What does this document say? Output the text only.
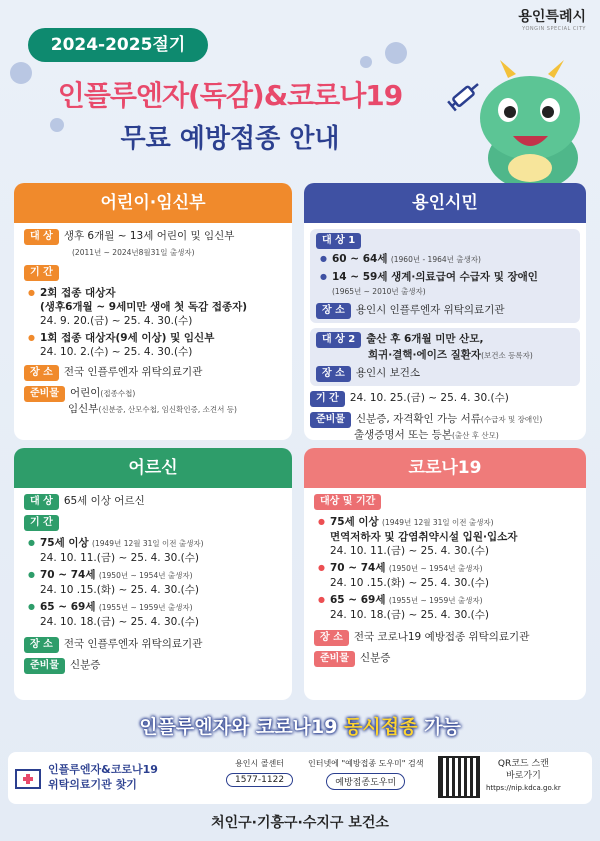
2024-2025절기
용인특례시
YONGIN SPECIAL CITY
인플루엔자(독감)&코로나19
무료 예방접종 안내
어린이·임신부
대 상 생후 6개월 ~ 13세 어린이 및 임신부
(2011년 ~ 2024년8월31일 출생자)
기 간
● 2회 접종 대상자
(생후6개월 ~ 9세미만 생애 첫 독감 접종자)
24. 9. 20.(금) ~ 25. 4. 30.(수)
● 1회 접종 대상자(9세 이상) 및 임신부
24. 10. 2.(수) ~ 25. 4. 30.(수)
장 소 전국 인플루엔자 위탁의료기관
준비물 어린이(접종수첩)
임신부(신분증, 산모수첩, 임신확인증, 소견서 등)
용인시민
대 상 1
● 60 ~ 64세 (1960년 - 1964년 출생자)
● 14 ~ 59세 생계·의료급여 수급자 및 장애인
(1965년 ~ 2010년 출생자)
장 소 용인시 인플루엔자 위탁의료기관
대 상 2 출산 후 6개월 미만 산모,
희귀·결핵·에이즈 질환자(보건소 등록자)
장 소 용인시 보건소
기 간 24. 10. 25.(금) ~ 25. 4. 30.(수)
준비물 신분증, 자격확인 가능 서류(수급자 및 장애인)
출생증명서 또는 등본(출산 후 산모)
어르신
대 상 65세 이상 어르신
기 간
● 75세 이상 (1949년 12월 31일 이전 출생자)
24. 10. 11.(금) ~ 25. 4. 30.(수)
● 70 ~ 74세 (1950년 ~ 1954년 출생자)
24. 10 .15.(화) ~ 25. 4. 30.(수)
● 65 ~ 69세 (1955년 ~ 1959년 출생자)
24. 10. 18.(금) ~ 25. 4. 30.(수)
장 소 전국 인플루엔자 위탁의료기관
준비물 신분증
코로나19
대상 및 기간
● 75세 이상 (1949년 12월 31일 이전 출생자)
면역저하자 및 감염취약시설 입원·입소자
24. 10. 11.(금) ~ 25. 4. 30.(수)
● 70 ~ 74세 (1950년 ~ 1954년 출생자)
24. 10 .15.(화) ~ 25. 4. 30.(수)
● 65 ~ 69세 (1955년 ~ 1959년 출생자)
24. 10. 18.(금) ~ 25. 4. 30.(수)
장 소 전국 코로나19 예방접종 위탁의료기관
준비물 신분증
인플루엔자와 코로나19 동시접종 가능
인플루엔자&코로나19
위탁의료기관 찾기
용인시 콜센터
1577-1122
인터넷에 "예방접종 도우미" 검색
예방접종도우미
QR코드 스캔
바로가기
https://nip.kdca.go.kr
처인구·기흥구·수지구 보건소
